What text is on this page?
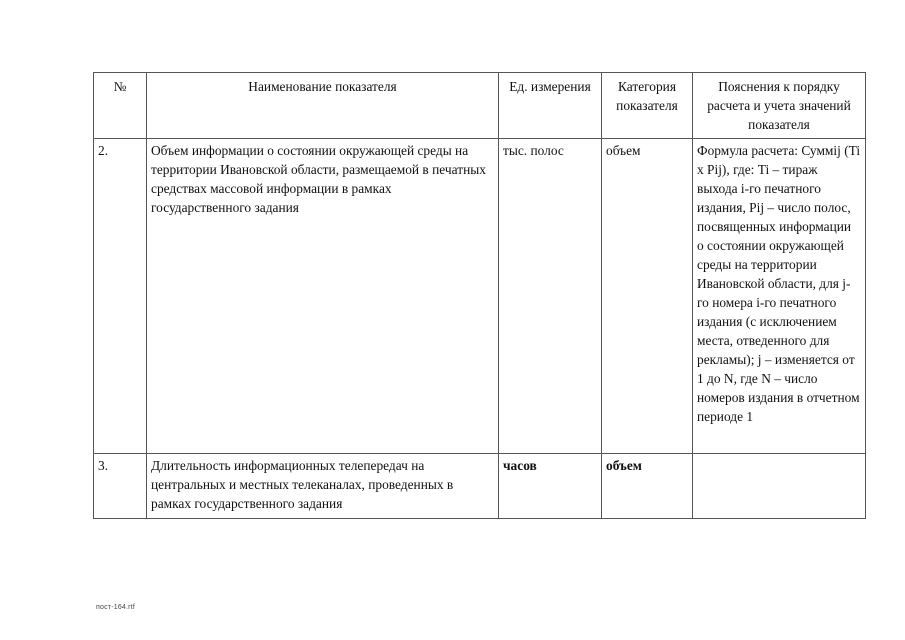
№	Наименование показателя	Ед. измерения	Категория показателя	Пояснения к порядку расчета и учета значений показателя
2.	Объем информации о состоянии окружающей среды на территории Ивановской области, размещаемой в печатных средствах массовой информации в рамках государственного задания	тыс. полос	объем	Формула расчета: Суммij (Ti x Pij), где: Ti – тираж выхода i-го печатного издания, Pij – число полос, посвященных информации о состоянии окружающей среды на территории Ивановской области, для j-го номера i-го печатного издания (с исключением места, отведенного для рекламы); j – изменяется от 1 до N, где N – число номеров издания в отчетном периоде 1
3.	Длительность информационных телепередач на центральных и местных телеканалах, проведенных в рамках государственного задания	часов	объем	
пост-164.rtf
